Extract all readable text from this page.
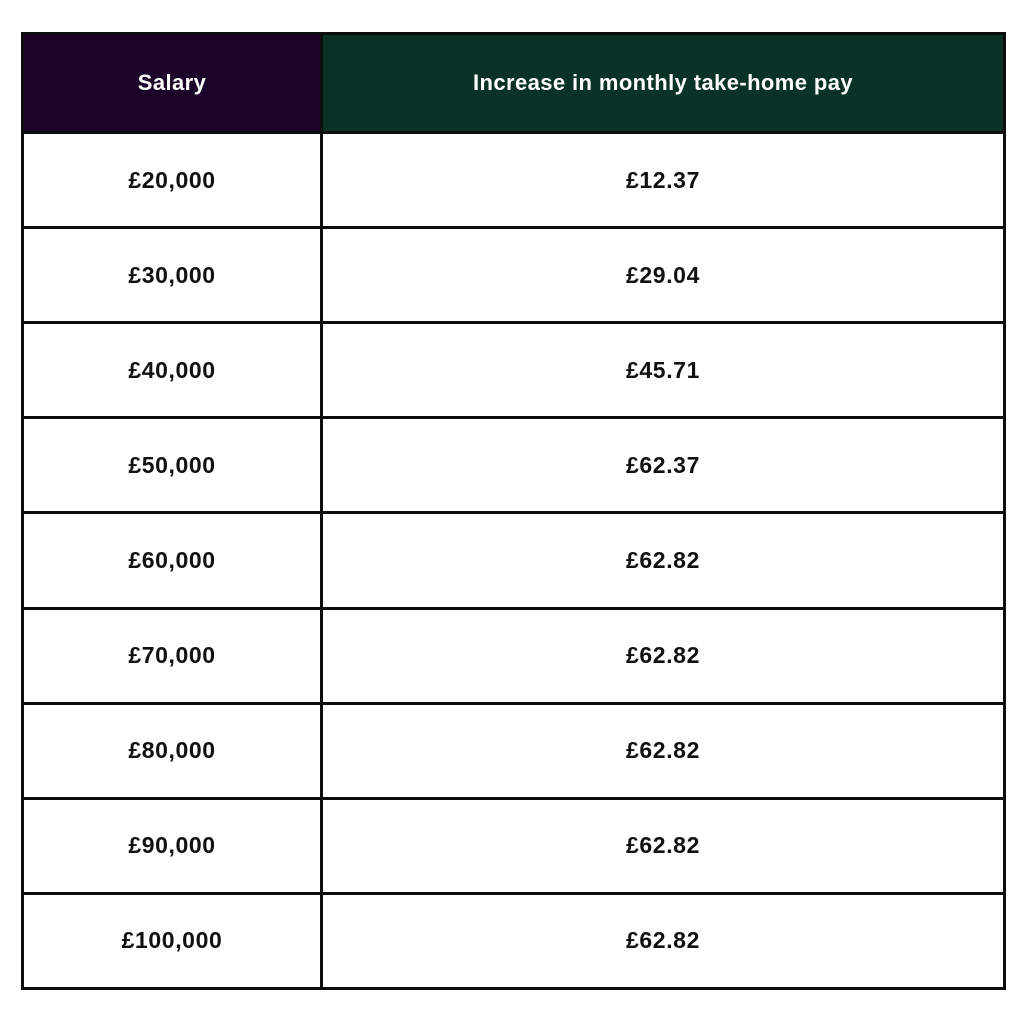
Salary	Increase in monthly take-home pay
£20,000	£12.37
£30,000	£29.04
£40,000	£45.71
£50,000	£62.37
£60,000	£62.82
£70,000	£62.82
£80,000	£62.82
£90,000	£62.82
£100,000	£62.82
